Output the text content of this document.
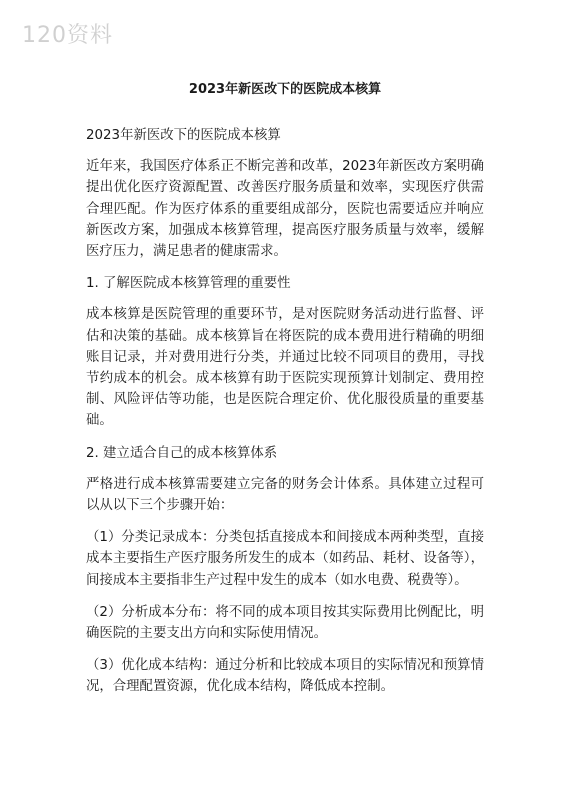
120资料
2023年新医改下的医院成本核算

2023年新医改下的医院成本核算

近年来，我国医疗体系正不断完善和改革，2023年新医改方案明确提出优化医疗资源配置、改善医疗服务质量和效率，实现医疗供需合理匹配。作为医疗体系的重要组成部分，医院也需要适应并响应新医改方案，加强成本核算管理，提高医疗服务质量与效率，缓解医疗压力，满足患者的健康需求。

1. 了解医院成本核算管理的重要性

成本核算是医院管理的重要环节，是对医院财务活动进行监督、评估和决策的基础。成本核算旨在将医院的成本费用进行精确的明细账目记录，并对费用进行分类，并通过比较不同项目的费用，寻找节约成本的机会。成本核算有助于医院实现预算计划制定、费用控制、风险评估等功能，也是医院合理定价、优化服役质量的重要基础。

2. 建立适合自己的成本核算体系

严格进行成本核算需要建立完备的财务会计体系。具体建立过程可以从以下三个步骤开始：

（1）分类记录成本：分类包括直接成本和间接成本两种类型，直接成本主要指生产医疗服务所发生的成本（如药品、耗材、设备等），间接成本主要指非生产过程中发生的成本（如水电费、税费等）。

（2）分析成本分布：将不同的成本项目按其实际费用比例配比，明确医院的主要支出方向和实际使用情况。

（3）优化成本结构：通过分析和比较成本项目的实际情况和预算情况，合理配置资源，优化成本结构，降低成本控制。
